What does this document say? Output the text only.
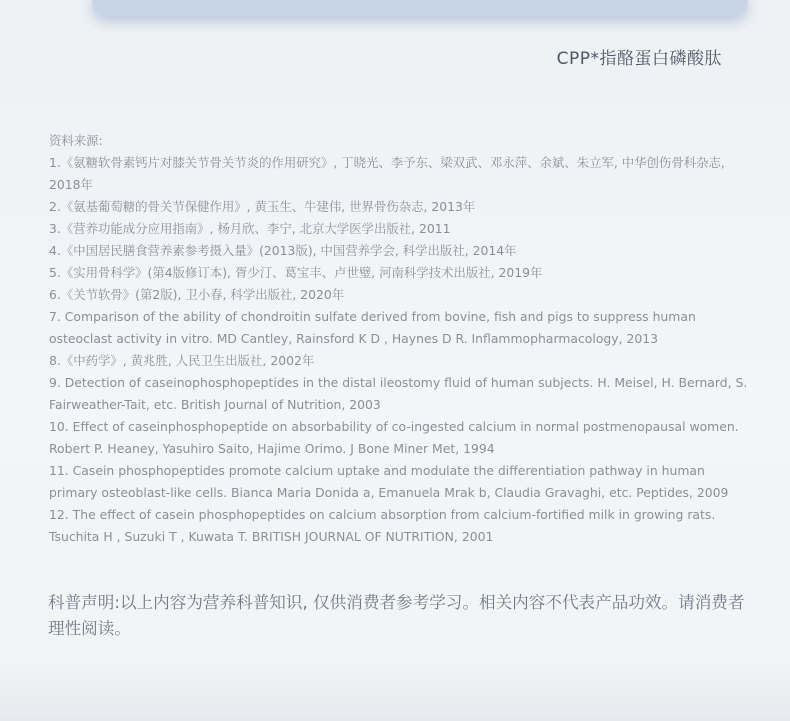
CPP*指酪蛋白磷酸肽
资料来源:
1.《氨糖软骨素钙片对膝关节骨关节炎的作用研究》, 丁晓光、李予东、梁双武、邓永萍、余斌、朱立军, 中华创伤骨科杂志, 2018年
2.《氨基葡萄糖的骨关节保健作用》, 黄玉生、牛建伟, 世界骨伤杂志, 2013年
3.《营养功能成分应用指南》, 杨月欣、李宁, 北京大学医学出版社, 2011
4.《中国居民膳食营养素参考摄入量》(2013版), 中国营养学会, 科学出版社, 2014年
5.《实用骨科学》(第4版修订本), 胥少汀、葛宝丰、卢世璧, 河南科学技术出版社, 2019年
6.《关节软骨》(第2版), 卫小春, 科学出版社, 2020年
7. Comparison of the ability of chondroitin sulfate derived from bovine, fish and pigs to suppress human osteoclast activity in vitro. MD Cantley, Rainsford K D , Haynes D R. Inflammopharmacology, 2013
8.《中药学》, 黄兆胜, 人民卫生出版社, 2002年
9. Detection of caseinophosphopeptides in the distal ileostomy fluid of human subjects. H. Meisel, H. Bernard, S. Fairweather-Tait, etc. British Journal of Nutrition, 2003
10. Effect of caseinphosphopeptide on absorbability of co-ingested calcium in normal postmenopausal women. Robert P. Heaney, Yasuhiro Saito, Hajime Orimo. J Bone Miner Met, 1994
11. Casein phosphopeptides promote calcium uptake and modulate the differentiation pathway in human primary osteoblast-like cells. Bianca Maria Donida a, Emanuela Mrak b, Claudia Gravaghi, etc. Peptides, 2009
12. The effect of casein phosphopeptides on calcium absorption from calcium-fortified milk in growing rats. Tsuchita H , Suzuki T , Kuwata T. BRITISH JOURNAL OF NUTRITION, 2001
科普声明:以上内容为营养科普知识, 仅供消费者参考学习。相关内容不代表产品功效。请消费者理性阅读。
